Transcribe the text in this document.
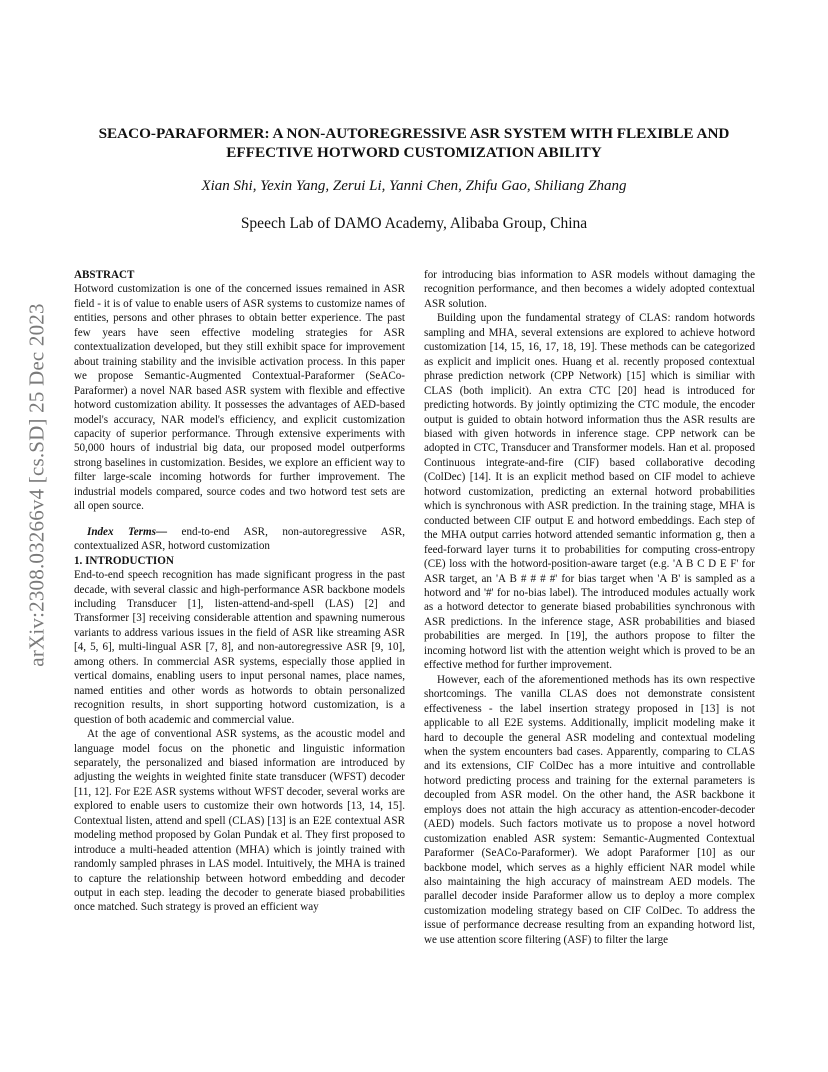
arXiv:2308.03266v4 [cs.SD] 25 Dec 2023
SEACO-PARAFORMER: A NON-AUTOREGRESSIVE ASR SYSTEM WITH FLEXIBLE AND EFFECTIVE HOTWORD CUSTOMIZATION ABILITY

Xian Shi, Yexin Yang, Zerui Li, Yanni Chen, Zhifu Gao, Shiliang Zhang

Speech Lab of DAMO Academy, Alibaba Group, China

ABSTRACT

Hotword customization is one of the concerned issues remained in ASR field - it is of value to enable users of ASR systems to customize names of entities, persons and other phrases to obtain better experience. The past few years have seen effective modeling strategies for ASR contextualization developed, but they still exhibit space for improvement about training stability and the invisible activation process. In this paper we propose Semantic-Augmented Contextual-Paraformer (SeACo-Paraformer) a novel NAR based ASR system with flexible and effective hotword customization ability. It possesses the advantages of AED-based model's accuracy, NAR model's efficiency, and explicit customization capacity of superior performance. Through extensive experiments with 50,000 hours of industrial big data, our proposed model outperforms strong baselines in customization. Besides, we explore an efficient way to filter large-scale incoming hotwords for further improvement. The industrial models compared, source codes and two hotword test sets are all open source.

Index Terms— end-to-end ASR, non-autoregressive ASR, contextualized ASR, hotword customization

1. INTRODUCTION

End-to-end speech recognition has made significant progress in the past decade, with several classic and high-performance ASR backbone models including Transducer [1], listen-attend-and-spell (LAS) [2] and Transformer [3] receiving considerable attention and spawning numerous variants to address various issues in the field of ASR like streaming ASR [4, 5, 6], multi-lingual ASR [7, 8], and non-autoregressive ASR [9, 10], among others. In commercial ASR systems, especially those applied in vertical domains, enabling users to input personal names, place names, named entities and other words as hotwords to obtain personalized recognition results, in short supporting hotword customization, is a question of both academic and commercial value.

At the age of conventional ASR systems, as the acoustic model and language model focus on the phonetic and linguistic information separately, the personalized and biased information are introduced by adjusting the weights in weighted finite state transducer (WFST) decoder [11, 12]. For E2E ASR systems without WFST decoder, several works are explored to enable users to customize their own hotwords [13, 14, 15]. Contextual listen, attend and spell (CLAS) [13] is an E2E contextual ASR modeling method proposed by Golan Pundak et al. They first proposed to introduce a multi-headed attention (MHA) which is jointly trained with randomly sampled phrases in LAS model. Intuitively, the MHA is trained to capture the relationship between hotword embedding and decoder output in each step. leading the decoder to generate biased probabilities once matched. Such strategy is proved an efficient way

for introducing bias information to ASR models without damaging the recognition performance, and then becomes a widely adopted contextual ASR solution.

Building upon the fundamental strategy of CLAS: random hotwords sampling and MHA, several extensions are explored to achieve hotword customization [14, 15, 16, 17, 18, 19]. These methods can be categorized as explicit and implicit ones. Huang et al. recently proposed contextual phrase prediction network (CPP Network) [15] which is similiar with CLAS (both implicit). An extra CTC [20] head is introduced for predicting hotwords. By jointly optimizing the CTC module, the encoder output is guided to obtain hotword information thus the ASR results are biased with given hotwords in inference stage. CPP network can be adopted in CTC, Transducer and Transformer models. Han et al. proposed Continuous integrate-and-fire (CIF) based collaborative decoding (ColDec) [14]. It is an explicit method based on CIF model to achieve hotword customization, predicting an external hotword probabilities which is synchronous with ASR prediction. In the training stage, MHA is conducted between CIF output E and hotword embeddings. Each step of the MHA output carries hotword attended semantic information g, then a feed-forward layer turns it to probabilities for computing cross-entropy (CE) loss with the hotword-position-aware target (e.g. 'A B C D E F' for ASR target, an 'A B # # # #' for bias target when 'A B' is sampled as a hotword and '#' for no-bias label). The introduced modules actually work as a hotword detector to generate biased probabilities synchronous with ASR predictions. In the inference stage, ASR probabilities and biased probabilities are merged. In [19], the authors propose to filter the incoming hotword list with the attention weight which is proved to be an effective method for further improvement.

However, each of the aforementioned methods has its own respective shortcomings. The vanilla CLAS does not demonstrate consistent effectiveness - the label insertion strategy proposed in [13] is not applicable to all E2E systems. Additionally, implicit modeling make it hard to decouple the general ASR modeling and contextual modeling when the system encounters bad cases. Apparently, comparing to CLAS and its extensions, CIF ColDec has a more intuitive and controllable hotword predicting process and training for the external parameters is decoupled from ASR model. On the other hand, the ASR backbone it employs does not attain the high accuracy as attention-encoder-decoder (AED) models. Such factors motivate us to propose a novel hotword customization enabled ASR system: Semantic-Augmented Contextual Paraformer (SeACo-Paraformer). We adopt Paraformer [10] as our backbone model, which serves as a highly efficient NAR model while also maintaining the high accuracy of mainstream AED models. The parallel decoder inside Paraformer allow us to deploy a more complex customization modeling strategy based on CIF ColDec. To address the issue of performance decrease resulting from an expanding hotword list, we use attention score filtering (ASF) to filter the large
